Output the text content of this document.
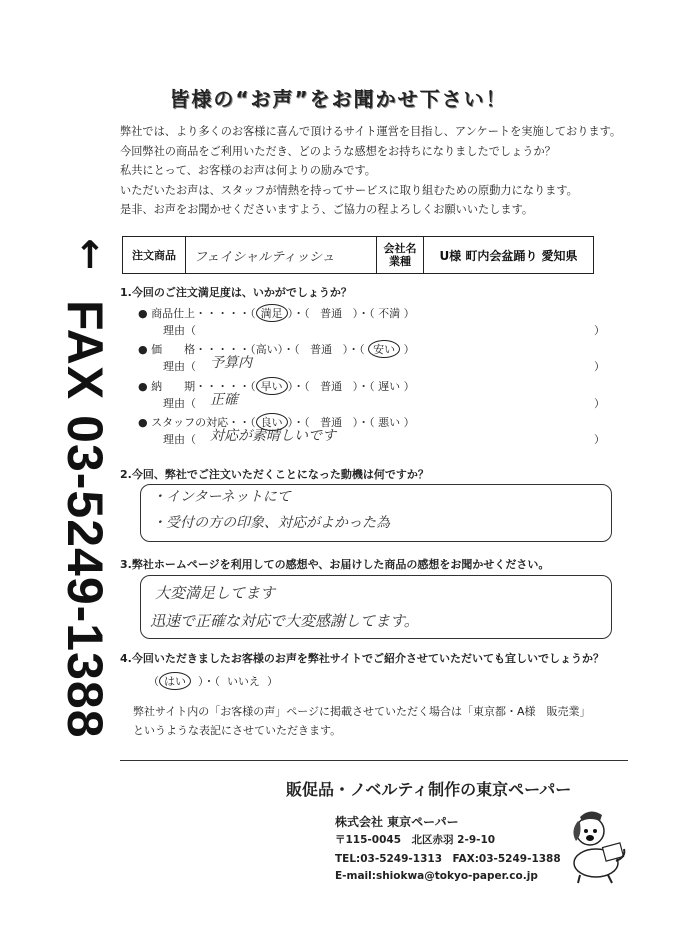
皆様の“お声”をお聞かせ下さい！
弊社では、より多くのお客様に喜んで頂けるサイト運営を目指し、アンケートを実施しております。
今回弊社の商品をご利用いただき、どのような感想をお持ちになりましたでしょうか？
私共にとって、お客様のお声は何よりの励みです。
いただいたお声は、スタッフが情熱を持ってサービスに取り組むための原動力になります。
是非、お声をお聞かせくださいますよう、ご協力の程よろしくお願いいたします。
↑
FAX 03-5249-1388
注文商品	フェイシャルティッシュ
会社名
業種	U様 町内会盆踊り 愛知県
1.今回のご注文満足度は、いかがでしょうか？
● 商品仕上・・・・・（ 満足 ）・（ 普通 ）・（ 不満 ）
理由（	）
● 価　　格・・・・・（高い）・（ 普通 ）・（ 安い ）
理由（ 予算内	）
● 納　　期・・・・・（ 早い ）・（ 普通 ）・（ 遅い ）
理由（ 正確	）
● スタッフの対応・・（ 良い ）・（ 普通 ）・（ 悪い ）
理由（ 対応が素晴しいです	）
2.今回、弊社でご注文いただくことになった動機は何ですか？
・インターネットにて
・受付の方の印象、対応がよかった為
3.弊社ホームページを利用しての感想や、お届けした商品の感想をお聞かせください。
大変満足してます
迅速で正確な対応で大変感謝してます。
4.今回いただきましたお客様のお声を弊社サイトでご紹介させていただいても宜しいでしょうか？
（ はい ）・（ いいえ ）
弊社サイト内の「お客様の声」ページに掲載させていただく場合は「東京都・A様　販売業」
というような表記にさせていただきます。
販促品・ノベルティ制作の東京ペーパー
株式会社 東京ペーパー
〒115-0045　北区赤羽 2-9-10
TEL:03-5249-1313　FAX:03-5249-1388
E-mail:shiokwa@tokyo-paper.co.jp
